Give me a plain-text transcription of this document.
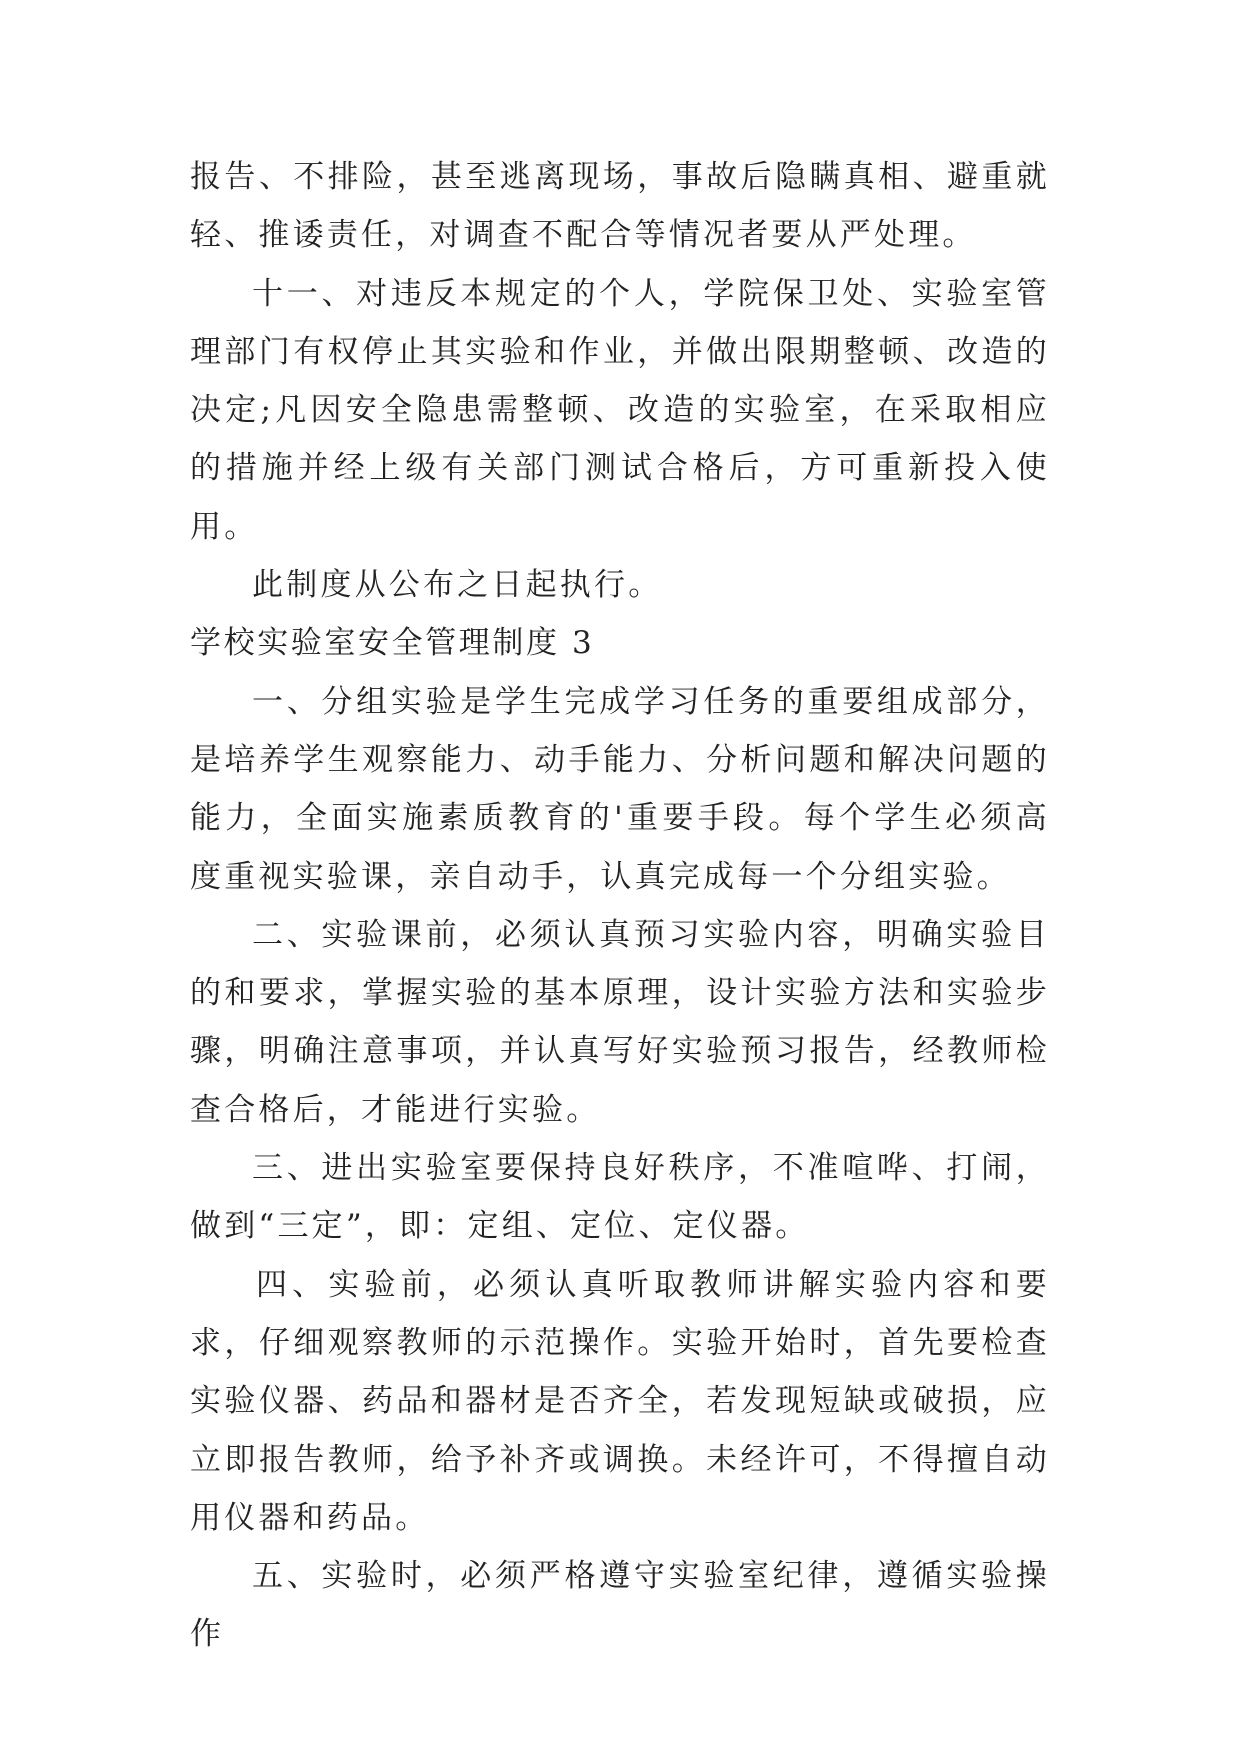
报告、不排险，甚至逃离现场，事故后隐瞒真相、避重就轻、推诿责任，对调查不配合等情况者要从严处理。

十一、对违反本规定的个人，学院保卫处、实验室管理部门有权停止其实验和作业，并做出限期整顿、改造的决定;凡因安全隐患需整顿、改造的实验室，在采取相应的措施并经上级有关部门测试合格后，方可重新投入使用。

此制度从公布之日起执行。

学校实验室安全管理制度 3

一、分组实验是学生完成学习任务的重要组成部分，是培养学生观察能力、动手能力、分析问题和解决问题的能力，全面实施素质教育的'重要手段。每个学生必须高度重视实验课，亲自动手，认真完成每一个分组实验。

二、实验课前，必须认真预习实验内容，明确实验目的和要求，掌握实验的基本原理，设计实验方法和实验步骤，明确注意事项，并认真写好实验预习报告，经教师检查合格后，才能进行实验。

三、进出实验室要保持良好秩序，不准喧哗、打闹，做到“三定”，即：定组、定位、定仪器。

四、实验前，必须认真听取教师讲解实验内容和要求，仔细观察教师的示范操作。实验开始时，首先要检查实验仪器、药品和器材是否齐全，若发现短缺或破损，应立即报告教师，给予补齐或调换。未经许可，不得擅自动用仪器和药品。

五、实验时，必须严格遵守实验室纪律，遵循实验操作
